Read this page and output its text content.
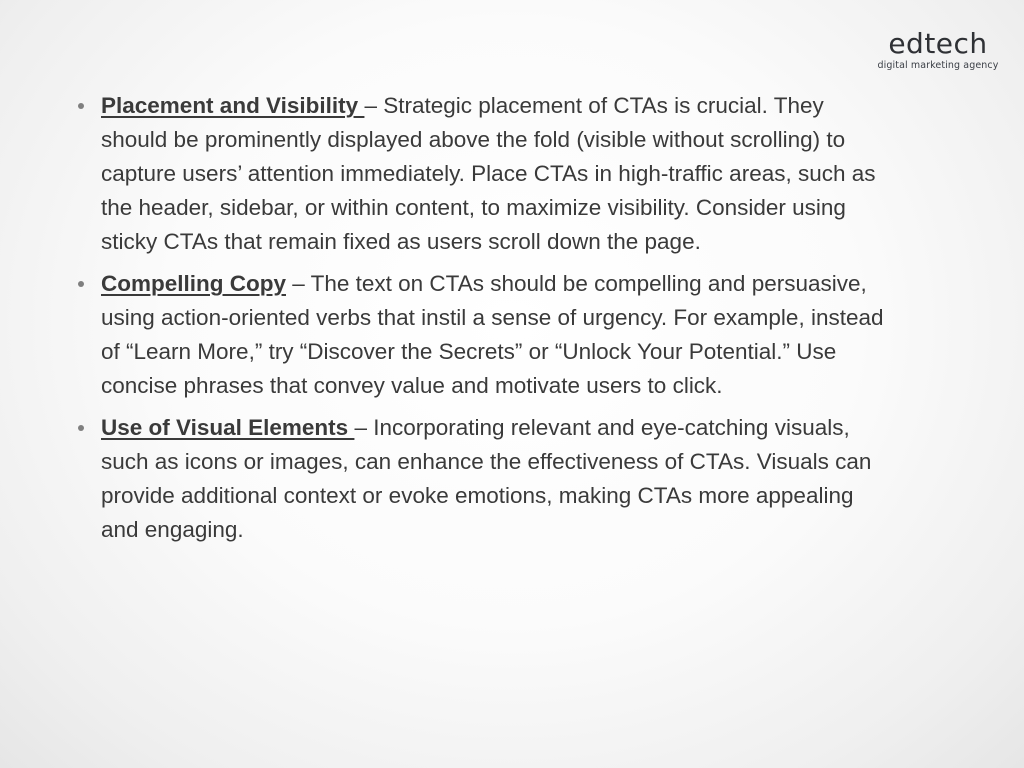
edtech
digital marketing agency
Placement and Visibility – Strategic placement of CTAs is crucial. They should be prominently displayed above the fold (visible without scrolling) to capture users’ attention immediately. Place CTAs in high-traffic areas, such as the header, sidebar, or within content, to maximize visibility. Consider using sticky CTAs that remain fixed as users scroll down the page.
Compelling Copy – The text on CTAs should be compelling and persuasive, using action-oriented verbs that instil a sense of urgency. For example, instead of “Learn More,” try “Discover the Secrets” or “Unlock Your Potential.” Use concise phrases that convey value and motivate users to click.
Use of Visual Elements – Incorporating relevant and eye-catching visuals, such as icons or images, can enhance the effectiveness of CTAs. Visuals can provide additional context or evoke emotions, making CTAs more appealing and engaging.
